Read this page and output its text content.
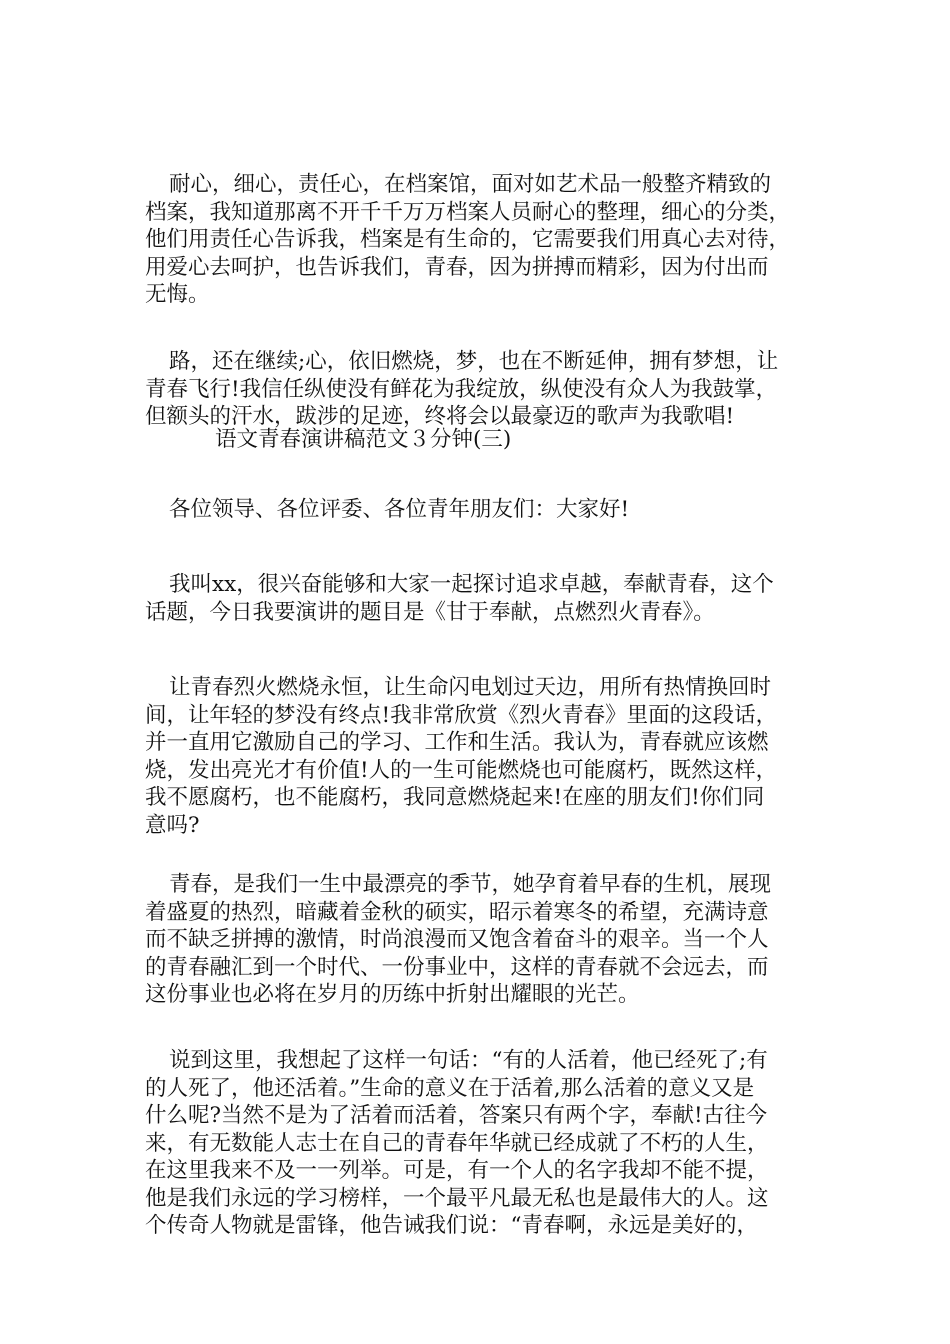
耐心，细心，责任心，在档案馆，面对如艺术品一般整齐精致的
档案，我知道那离不开千千万万档案人员耐心的整理，细心的分类，
他们用责任心告诉我，档案是有生命的，它需要我们用真心去对待，
用爱心去呵护，也告诉我们，青春，因为拼搏而精彩，因为付出而
无悔。
路，还在继续;心，依旧燃烧，梦，也在不断延伸，拥有梦想，让
青春飞行!我信任纵使没有鲜花为我绽放，纵使没有众人为我鼓掌，
但额头的汗水，跋涉的足迹，终将会以最豪迈的歌声为我歌唱!
语文青春演讲稿范文３分钟(三)
各位领导、各位评委、各位青年朋友们：大家好!
我叫xx，很兴奋能够和大家一起探讨追求卓越，奉献青春，这个
话题，今日我要演讲的题目是《甘于奉献，点燃烈火青春》。
让青春烈火燃烧永恒，让生命闪电划过天边，用所有热情换回时
间，让年轻的梦没有终点!我非常欣赏《烈火青春》里面的这段话，
并一直用它激励自己的学习、工作和生活。我认为，青春就应该燃
烧，发出亮光才有价值!人的一生可能燃烧也可能腐朽，既然这样，
我不愿腐朽，也不能腐朽，我同意燃烧起来!在座的朋友们!你们同
意吗?
青春，是我们一生中最漂亮的季节，她孕育着早春的生机，展现
着盛夏的热烈，暗藏着金秋的硕实，昭示着寒冬的希望，充满诗意
而不缺乏拼搏的激情，时尚浪漫而又饱含着奋斗的艰辛。当一个人
的青春融汇到一个时代、一份事业中，这样的青春就不会远去，而
这份事业也必将在岁月的历练中折射出耀眼的光芒。
说到这里，我想起了这样一句话：“有的人活着，他已经死了;有
的人死了，他还活着。”生命的意义在于活着,那么活着的意义又是
什么呢?当然不是为了活着而活着，答案只有两个字，奉献!古往今
来，有无数能人志士在自己的青春年华就已经成就了不朽的人生，
在这里我来不及一一列举。可是，有一个人的名字我却不能不提，
他是我们永远的学习榜样，一个最平凡最无私也是最伟大的人。这
个传奇人物就是雷锋，他告诫我们说：“青春啊，永远是美好的，
